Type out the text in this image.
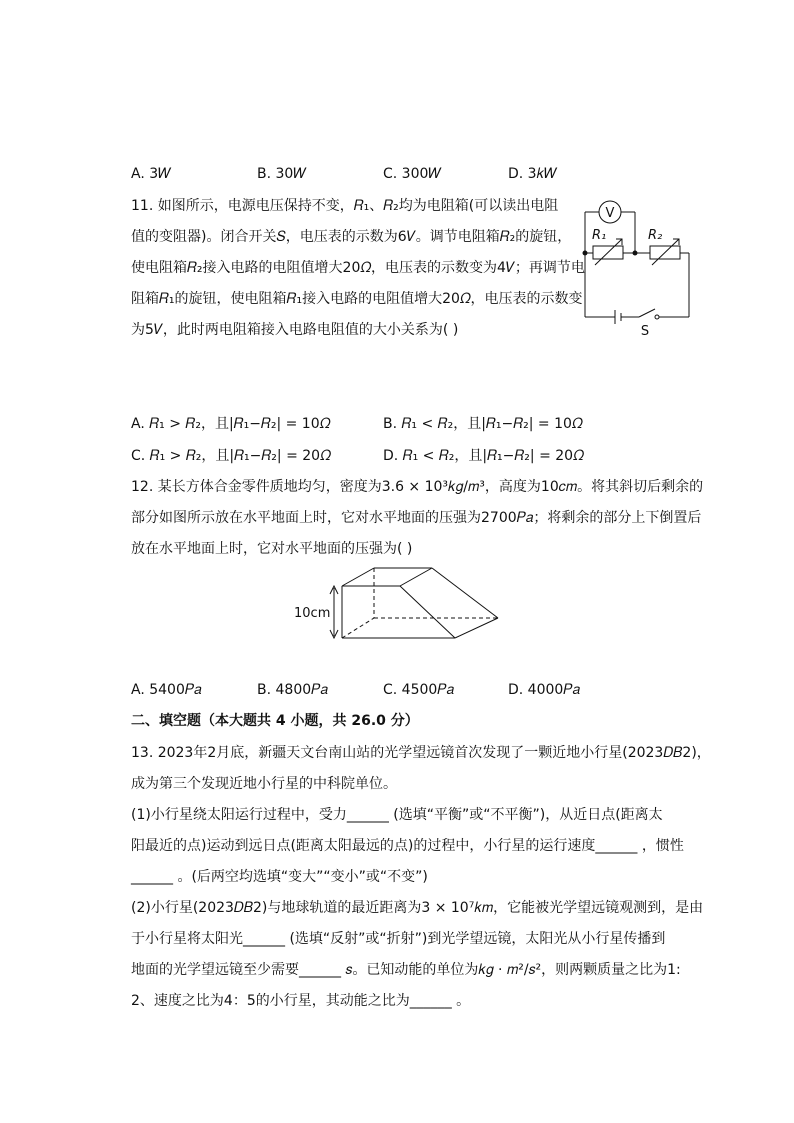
A. 3𝑊	B. 30𝑊	C. 300𝑊	D. 3𝑘𝑊
11. 如图所示，电源电压保持不变，𝑅₁、𝑅₂均为电阻箱(可以读出电阻
值的变阻器)。闭合开关𝑆，电压表的示数为6𝑉。调节电阻箱𝑅₂的旋钮，
使电阻箱𝑅₂接入电路的电阻值增大20𝛺，电压表的示数变为4𝑉；再调节电
阻箱𝑅₁的旋钮，使电阻箱𝑅₁接入电路的电阻值增大20𝛺，电压表的示数变
为5𝑉，此时两电阻箱接入电路电阻值的大小关系为( )
V
R₁	R₂
S
A. 𝑅₁ > 𝑅₂，且|𝑅₁−𝑅₂| = 10𝛺	B. 𝑅₁ < 𝑅₂，且|𝑅₁−𝑅₂| = 10𝛺
C. 𝑅₁ > 𝑅₂，且|𝑅₁−𝑅₂| = 20𝛺	D. 𝑅₁ < 𝑅₂，且|𝑅₁−𝑅₂| = 20𝛺
12. 某长方体合金零件质地均匀，密度为3.6 × 10³𝑘𝑔/𝑚³，高度为10𝑐𝑚。将其斜切后剩余的
部分如图所示放在水平地面上时，它对水平地面的压强为2700𝑃𝑎；将剩余的部分上下倒置后
放在水平地面上时，它对水平地面的压强为( )
10cm
A. 5400𝑃𝑎	B. 4800𝑃𝑎	C. 4500𝑃𝑎	D. 4000𝑃𝑎
二、填空题（本大题共 4 小题，共 26.0 分）
13. 2023年2月底，新疆天文台南山站的光学望远镜首次发现了一颗近地小行星(2023𝐷𝐵2)，
成为第三个发现近地小行星的中科院单位。
(1)小行星绕太阳运行过程中，受力______ (选填“平衡”或“不平衡”)，从近日点(距离太
阳最近的点)运动到远日点(距离太阳最远的点)的过程中，小行星的运行速度______ ，惯性
______ 。(后两空均选填“变大”“变小”或“不变”)
(2)小行星(2023𝐷𝐵2)与地球轨道的最近距离为3 × 10⁷𝑘𝑚，它能被光学望远镜观测到，是由
于小行星将太阳光______ (选填“反射”或“折射”)到光学望远镜，太阳光从小行星传播到
地面的光学望远镜至少需要______ 𝑠。已知动能的单位为𝑘𝑔 · 𝑚²/𝑠²，则两颗质量之比为1:
2、速度之比为4：5的小行星，其动能之比为______ 。
